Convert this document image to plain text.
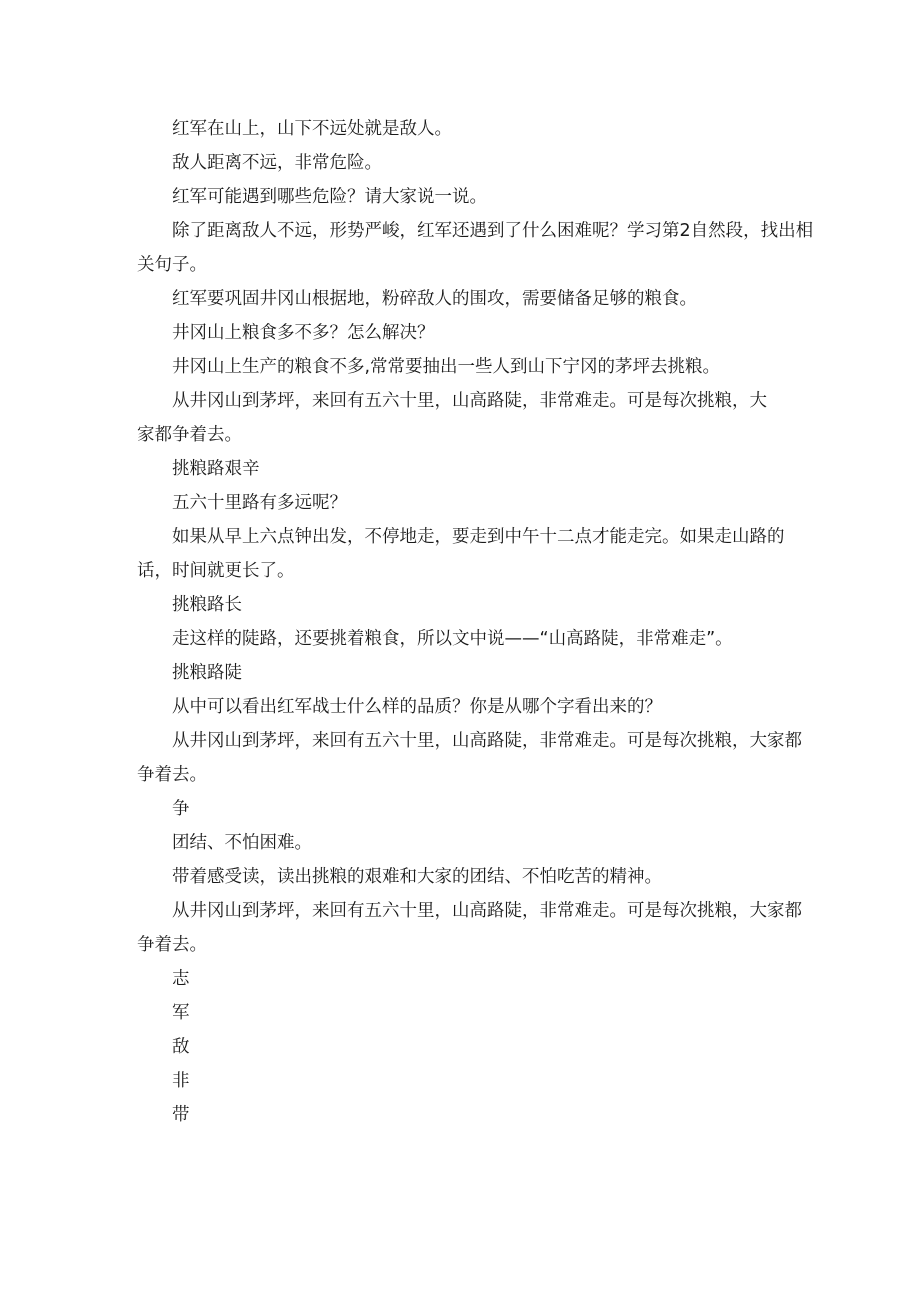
红军在山上，山下不远处就是敌人。

敌人距离不远，非常危险。

红军可能遇到哪些危险？请大家说一说。

除了距离敌人不远，形势严峻，红军还遇到了什么困难呢？学习第2自然段，找出相关句子。

红军要巩固井冈山根据地，粉碎敌人的围攻，需要储备足够的粮食。

井冈山上粮食多不多？怎么解决？

井冈山上生产的粮食不多,常常要抽出一些人到山下宁冈的茅坪去挑粮。

从井冈山到茅坪，来回有五六十里，山高路陡，非常难走。可是每次挑粮，大家都争着去。

挑粮路艰辛

五六十里路有多远呢？

如果从早上六点钟出发，不停地走，要走到中午十二点才能走完。如果走山路的话，时间就更长了。

挑粮路长

走这样的陡路，还要挑着粮食，所以文中说——“山高路陡，非常难走”。

挑粮路陡

从中可以看出红军战士什么样的品质？你是从哪个字看出来的？

从井冈山到茅坪，来回有五六十里，山高路陡，非常难走。可是每次挑粮，大家都争着去。

争

团结、不怕困难。

带着感受读，读出挑粮的艰难和大家的团结、不怕吃苦的精神。

从井冈山到茅坪，来回有五六十里，山高路陡，非常难走。可是每次挑粮，大家都争着去。

志

军

敌

非

带
